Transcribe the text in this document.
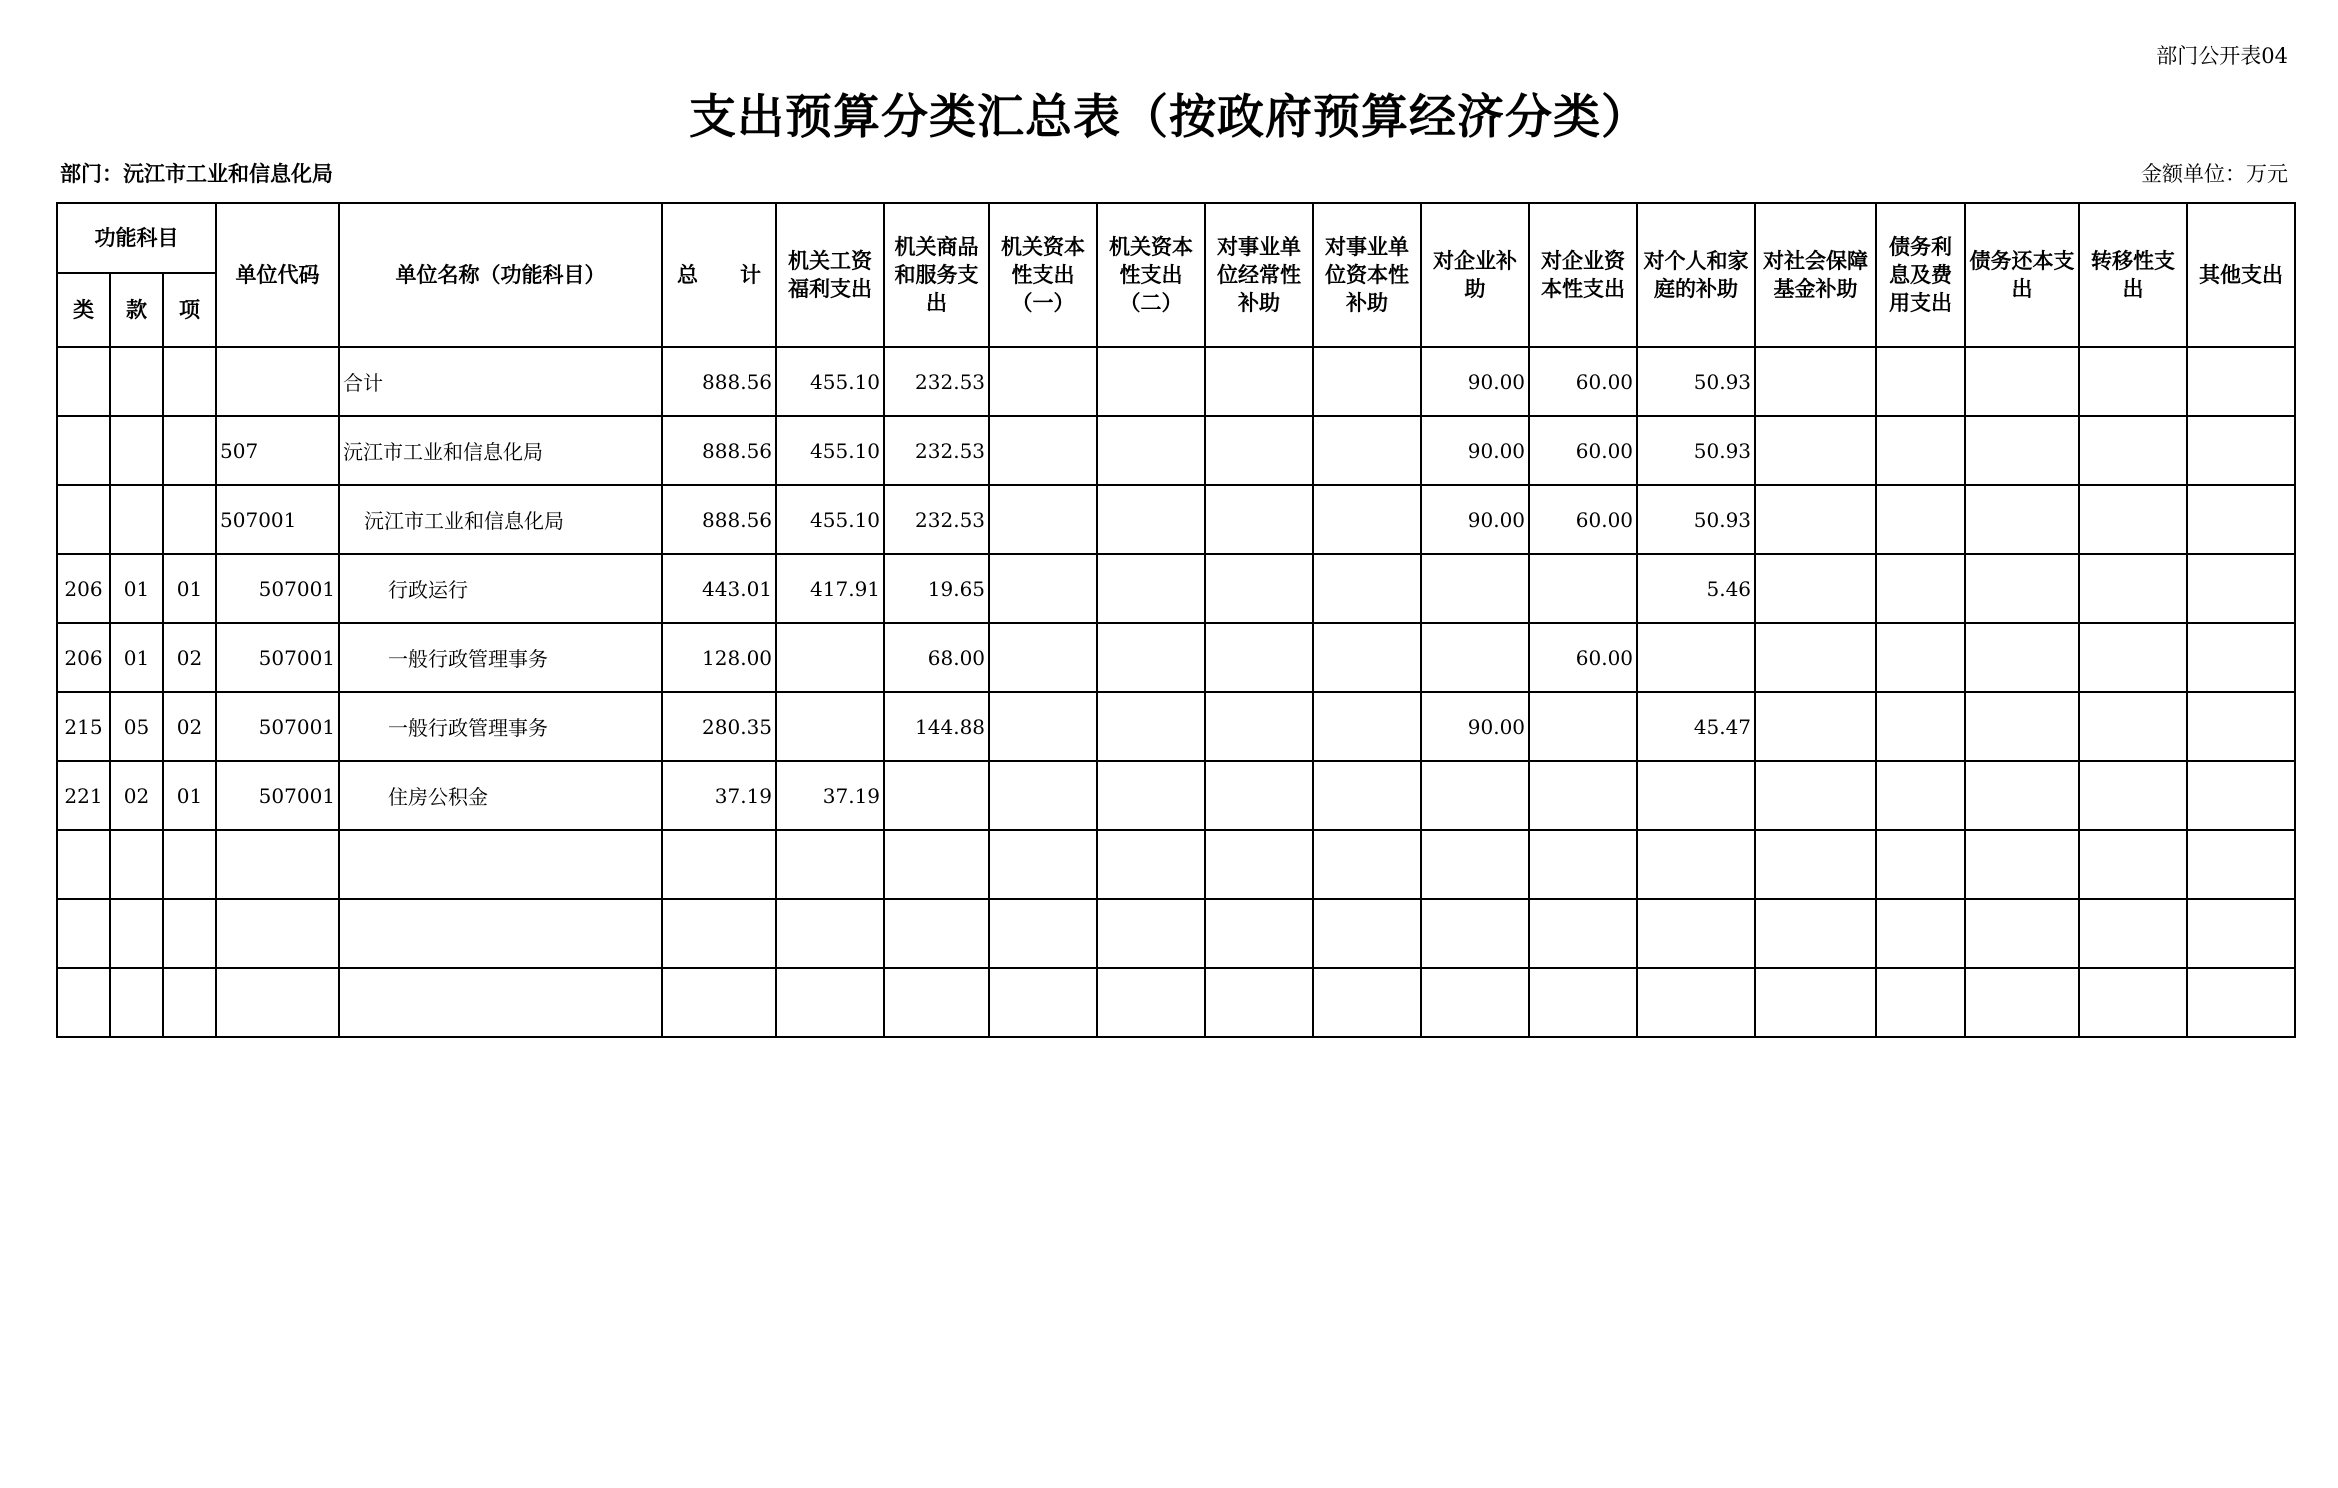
部门公开表04
支出预算分类汇总表（按政府预算经济分类）
部门：沅江市工业和信息化局	金额单位：万元
功能科目			单位代码	单位名称（功能科目）	总　　计	机关工资福利支出	机关商品和服务支出	机关资本性支出（一）	机关资本性支出（二）	对事业单位经常性补助	对事业单位资本性补助	对企业补助	对企业资本性支出	对个人和家庭的补助	对社会保障基金补助	债务利息及费用支出	债务还本支出	转移性支出	其他支出
类	款	项																	
				合计	888.56	455.10	232.53					90.00	60.00	50.93					
			507	沅江市工业和信息化局	888.56	455.10	232.53					90.00	60.00	50.93					
			507001	沅江市工业和信息化局	888.56	455.10	232.53					90.00	60.00	50.93					
206	01	01	507001	行政运行	443.01	417.91	19.65							5.46					
206	01	02	507001	一般行政管理事务	128.00		68.00						60.00						
215	05	02	507001	一般行政管理事务	280.35		144.88					90.00		45.47					
221	02	01	507001	住房公积金	37.19	37.19													
